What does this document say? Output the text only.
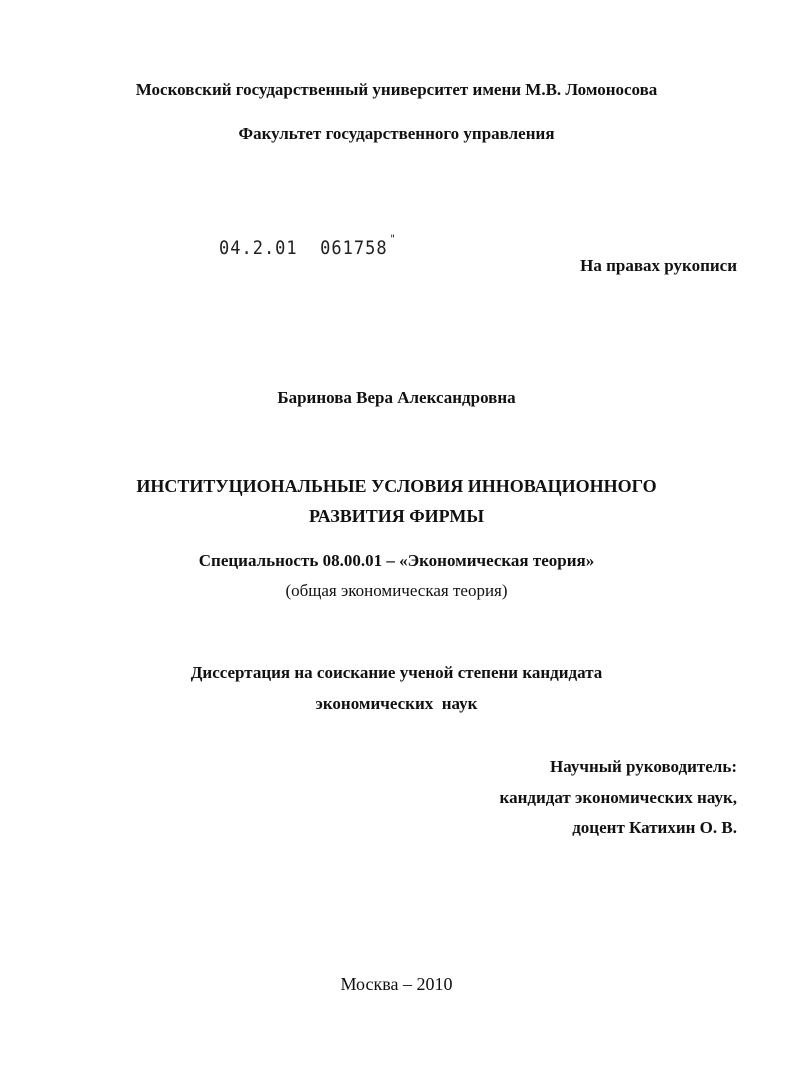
Московский государственный университет имени М.В. Ломоносова
Факультет государственного управления
04.2.01 061758 "
На правах рукописи
Баринова Вера Александровна
ИНСТИТУЦИОНАЛЬНЫЕ УСЛОВИЯ ИННОВАЦИОННОГО
РАЗВИТИЯ ФИРМЫ
Специальность 08.00.01 – «Экономическая теория»
(общая экономическая теория)
Диссертация на соискание ученой степени кандидата
экономических  наук
Научный руководитель:
кандидат экономических наук,
доцент Катихин О. В.
Москва – 2010
